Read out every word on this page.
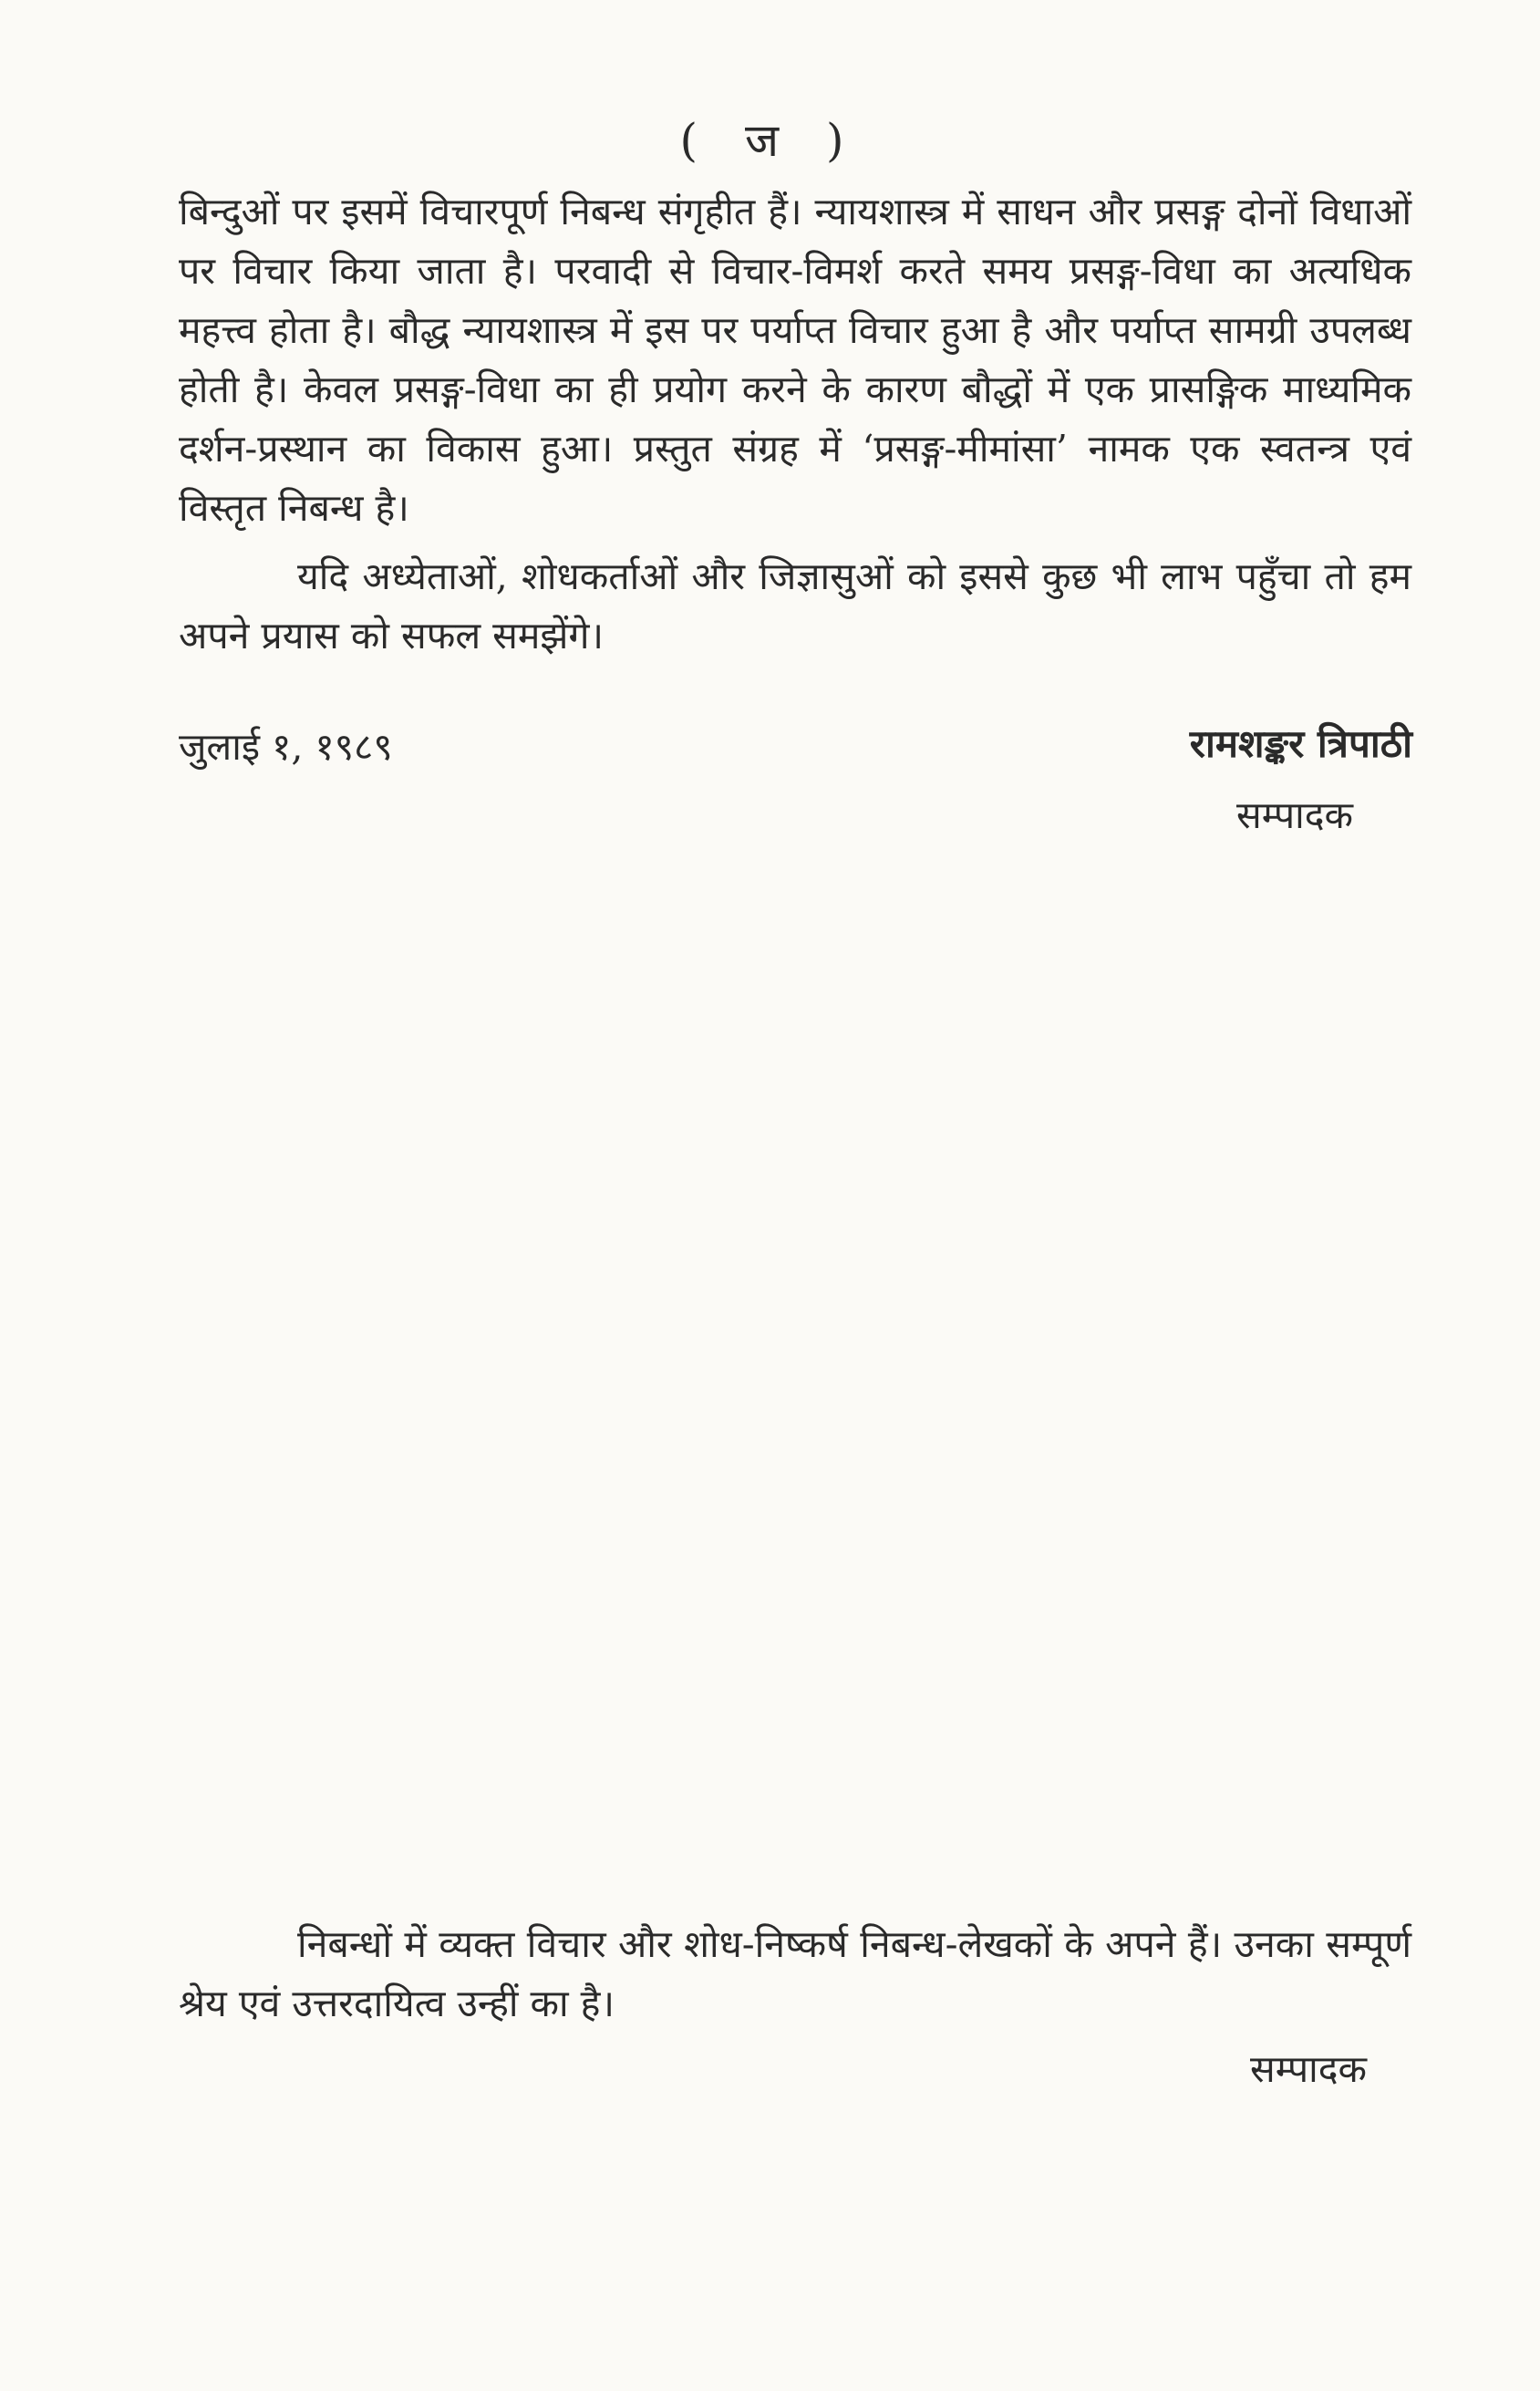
( ज )

बिन्दुओं पर इसमें विचारपूर्ण निबन्ध संगृहीत हैं। न्यायशास्त्र में साधन और प्रसङ्ग दोनों विधाओं पर विचार किया जाता है। परवादी से विचार-विमर्श करते समय प्रसङ्ग-विधा का अत्यधिक महत्त्व होता है। बौद्ध न्यायशास्त्र में इस पर पर्याप्त विचार हुआ है और पर्याप्त सामग्री उपलब्ध होती है। केवल प्रसङ्ग-विधा का ही प्रयोग करने के कारण बौद्धों में एक प्रासङ्गिक माध्यमिक दर्शन-प्रस्थान का विकास हुआ। प्रस्तुत संग्रह में ‘प्रसङ्ग-मीमांसा’ नामक एक स्वतन्त्र एवं विस्तृत निबन्ध है।

यदि अध्येताओं, शोधकर्ताओं और जिज्ञासुओं को इससे कुछ भी लाभ पहुँचा तो हम अपने प्रयास को सफल समझेंगे।

जुलाई १, १९८९	रामशङ्कर त्रिपाठी
सम्पादक

निबन्धों में व्यक्त विचार और शोध-निष्कर्ष निबन्ध-लेखकों के अपने हैं। उनका सम्पूर्ण श्रेय एवं उत्तरदायित्व उन्हीं का है।

सम्पादक
